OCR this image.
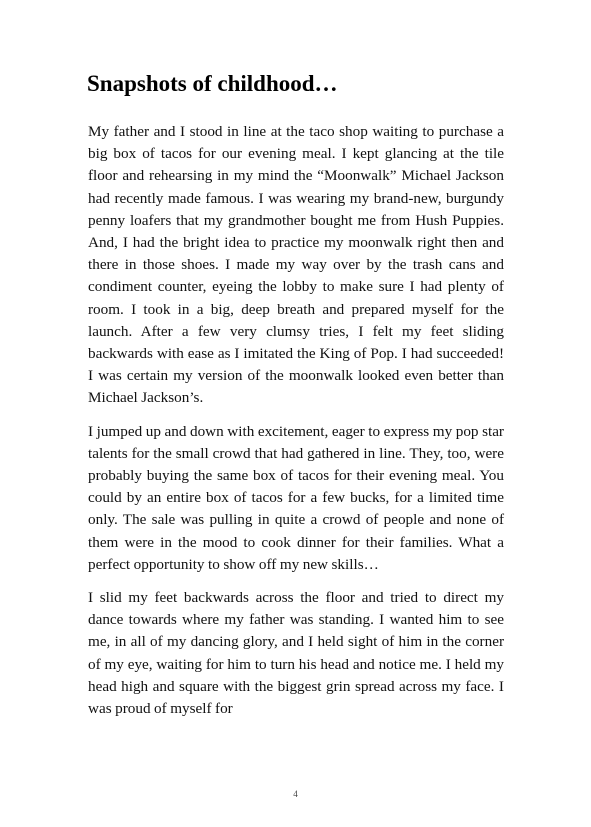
Snapshots of childhood…

My father and I stood in line at the taco shop waiting to purchase a big box of tacos for our evening meal. I kept glancing at the tile floor and rehearsing in my mind the “Moonwalk” Michael Jackson had recently made famous. I was wearing my brand-new, burgundy penny loafers that my grandmother bought me from Hush Puppies. And, I had the bright idea to practice my moonwalk right then and there in those shoes. I made my way over by the trash cans and condiment counter, eyeing the lobby to make sure I had plenty of room. I took in a big, deep breath and prepared myself for the launch. After a few very clumsy tries, I felt my feet sliding backwards with ease as I imitated the King of Pop. I had succeeded! I was certain my version of the moonwalk looked even better than Michael Jackson’s.

I jumped up and down with excitement, eager to express my pop star talents for the small crowd that had gathered in line. They, too, were probably buying the same box of tacos for their evening meal. You could by an entire box of tacos for a few bucks, for a limited time only. The sale was pulling in quite a crowd of people and none of them were in the mood to cook dinner for their families. What a perfect opportunity to show off my new skills…

I slid my feet backwards across the floor and tried to direct my dance towards where my father was standing. I wanted him to see me, in all of my dancing glory, and I held sight of him in the corner of my eye, waiting for him to turn his head and notice me. I held my head high and square with the biggest grin spread across my face. I was proud of myself for

4
